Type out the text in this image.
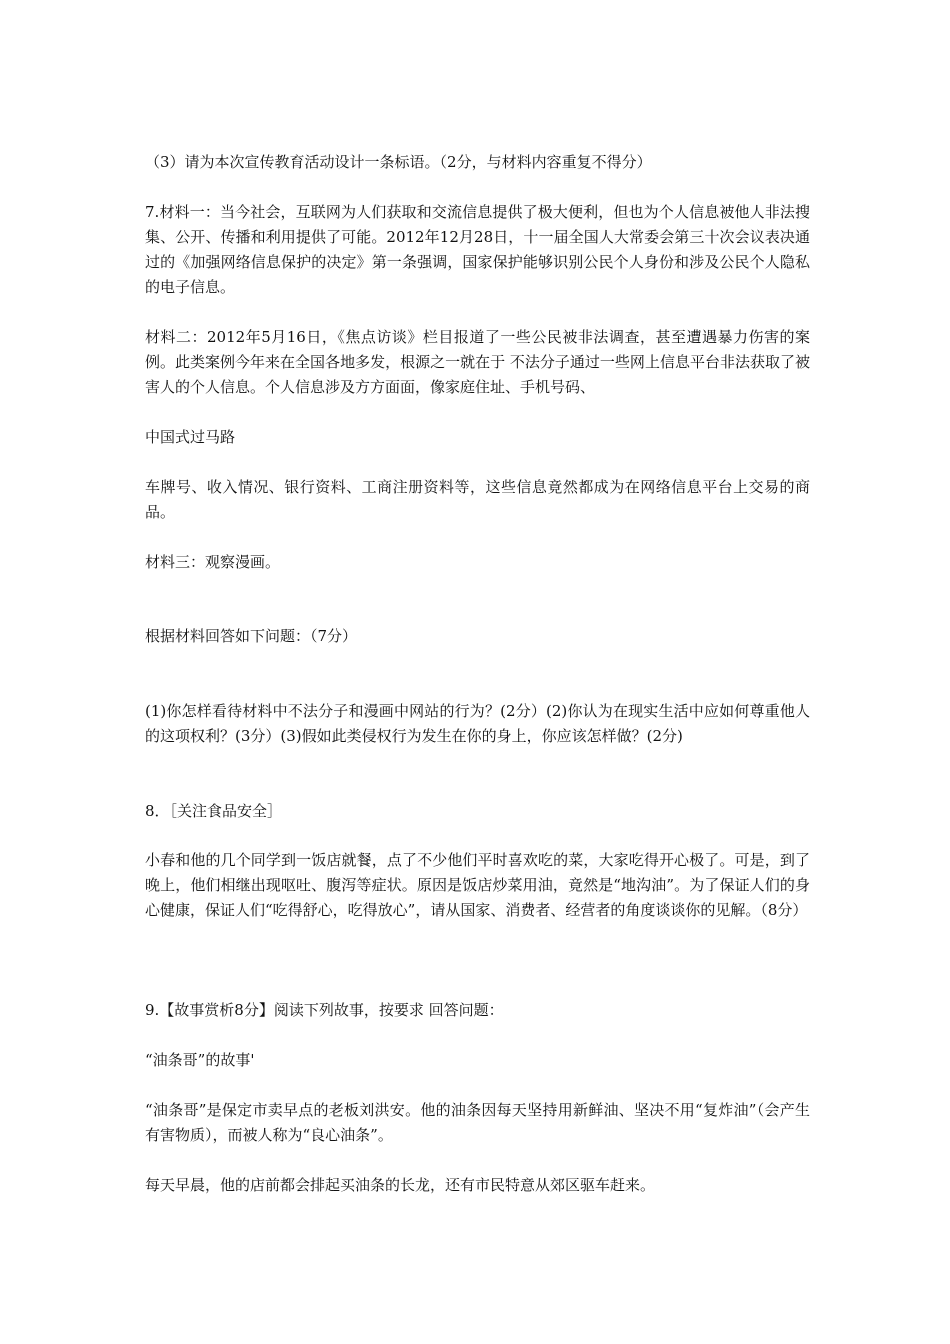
（3）请为本次宣传教育活动设计一条标语。（2分，与材料内容重复不得分）

7.材料一：当今社会，互联网为人们获取和交流信息提供了极大便利，但也为个人信息被他人非法搜集、公开、传播和利用提供了可能。2012年12月28日，十一届全国人大常委会第三十次会议表决通过的《加强网络信息保护的决定》第一条强调，国家保护能够识别公民个人身份和涉及公民个人隐私的电子信息。

材料二：2012年5月16日，《焦点访谈》栏目报道了一些公民被非法调查，甚至遭遇暴力伤害的案例。此类案例今年来在全国各地多发，根源之一就在于 不法分子通过一些网上信息平台非法获取了被害人的个人信息。个人信息涉及方方面面，像家庭住址、手机号码、

中国式过马路

车牌号、收入情况、银行资料、工商注册资料等，这些信息竟然都成为在网络信息平台上交易的商品。

材料三：观察漫画。

根据材料回答如下问题：（7分）

(1)你怎样看待材料中不法分子和漫画中网站的行为？(2分）(2)你认为在现实生活中应如何尊重他人的这项权利？(3分）(3)假如此类侵权行为发生在你的身上，你应该怎样做？(2分)

8．［关注食品安全］

小春和他的几个同学到一饭店就餐，点了不少他们平时喜欢吃的菜，大家吃得开心极了。可是，到了晚上，他们相继出现呕吐、腹泻等症状。原因是饭店炒菜用油，竟然是“地沟油”。为了保证人们的身心健康，保证人们“吃得舒心，吃得放心”，请从国家、消费者、经营者的角度谈谈你的见解。（8分）

9.【故事赏析8分】阅读下列故事，按要求 回答问题：

“油条哥”的故事'

“油条哥”是保定市卖早点的老板刘洪安。他的油条因每天坚持用新鲜油、坚决不用“复炸油”（会产生有害物质），而被人称为“良心油条”。

每天早晨，他的店前都会排起买油条的长龙，还有市民特意从郊区驱车赶来。
